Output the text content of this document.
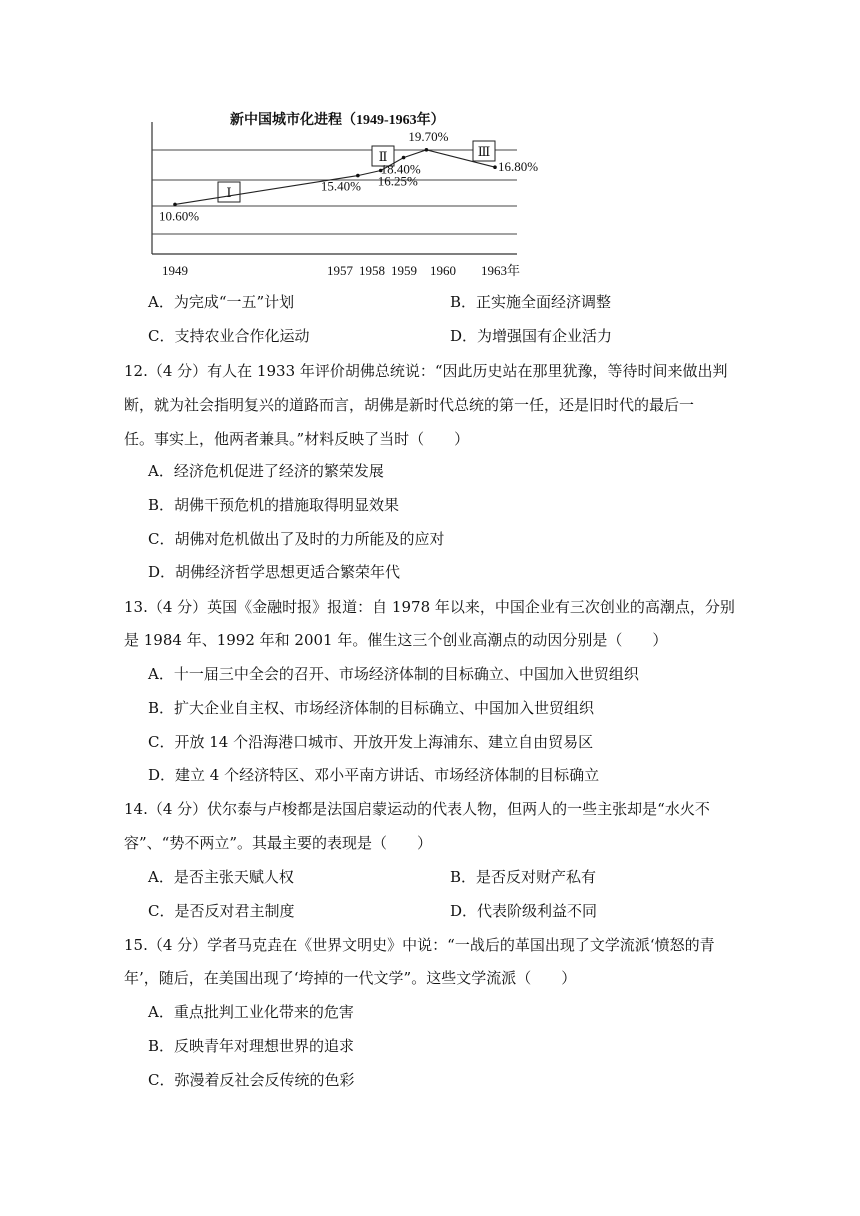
新中国城市化进程（1949-1963年）
Ⅰ
Ⅱ	Ⅲ
10.60%
15.40% 16.25%
18.40%
19.70%
16.80%
1949	1957 1958 1959 1960 1963年
A．为完成“一五”计划	B．正实施全面经济调整
C．支持农业合作化运动	D．为增强国有企业活力
12.（4 分）有人在 1933 年评价胡佛总统说：“因此历史站在那里犹豫，等待时间来做出判
断，就为社会指明复兴的道路而言，胡佛是新时代总统的第一任，还是旧时代的最后一
任。事实上，他两者兼具。”材料反映了当时（　　）
A．经济危机促进了经济的繁荣发展
B．胡佛干预危机的措施取得明显效果
C．胡佛对危机做出了及时的力所能及的应对
D．胡佛经济哲学思想更适合繁荣年代
13.（4 分）英国《金融时报》报道：自 1978 年以来，中国企业有三次创业的高潮点，分别
是 1984 年、1992 年和 2001 年。催生这三个创业高潮点的动因分别是（　　）
A．十一届三中全会的召开、市场经济体制的目标确立、中国加入世贸组织
B．扩大企业自主权、市场经济体制的目标确立、中国加入世贸组织
C．开放 14 个沿海港口城市、开放开发上海浦东、建立自由贸易区
D．建立 4 个经济特区、邓小平南方讲话、市场经济体制的目标确立
14.（4 分）伏尔泰与卢梭都是法国启蒙运动的代表人物，但两人的一些主张却是“水火不
容”、“势不两立”。其最主要的表现是（　　）
A．是否主张天赋人权	B．是否反对财产私有
C．是否反对君主制度	D．代表阶级利益不同
15.（4 分）学者马克垚在《世界文明史》中说：“一战后的革国出现了文学流派‘愤怒的青
年’，随后，在美国出现了‘垮掉的一代文学”。这些文学流派（　　）
A．重点批判工业化带来的危害
B．反映青年对理想世界的追求
C．弥漫着反社会反传统的色彩
